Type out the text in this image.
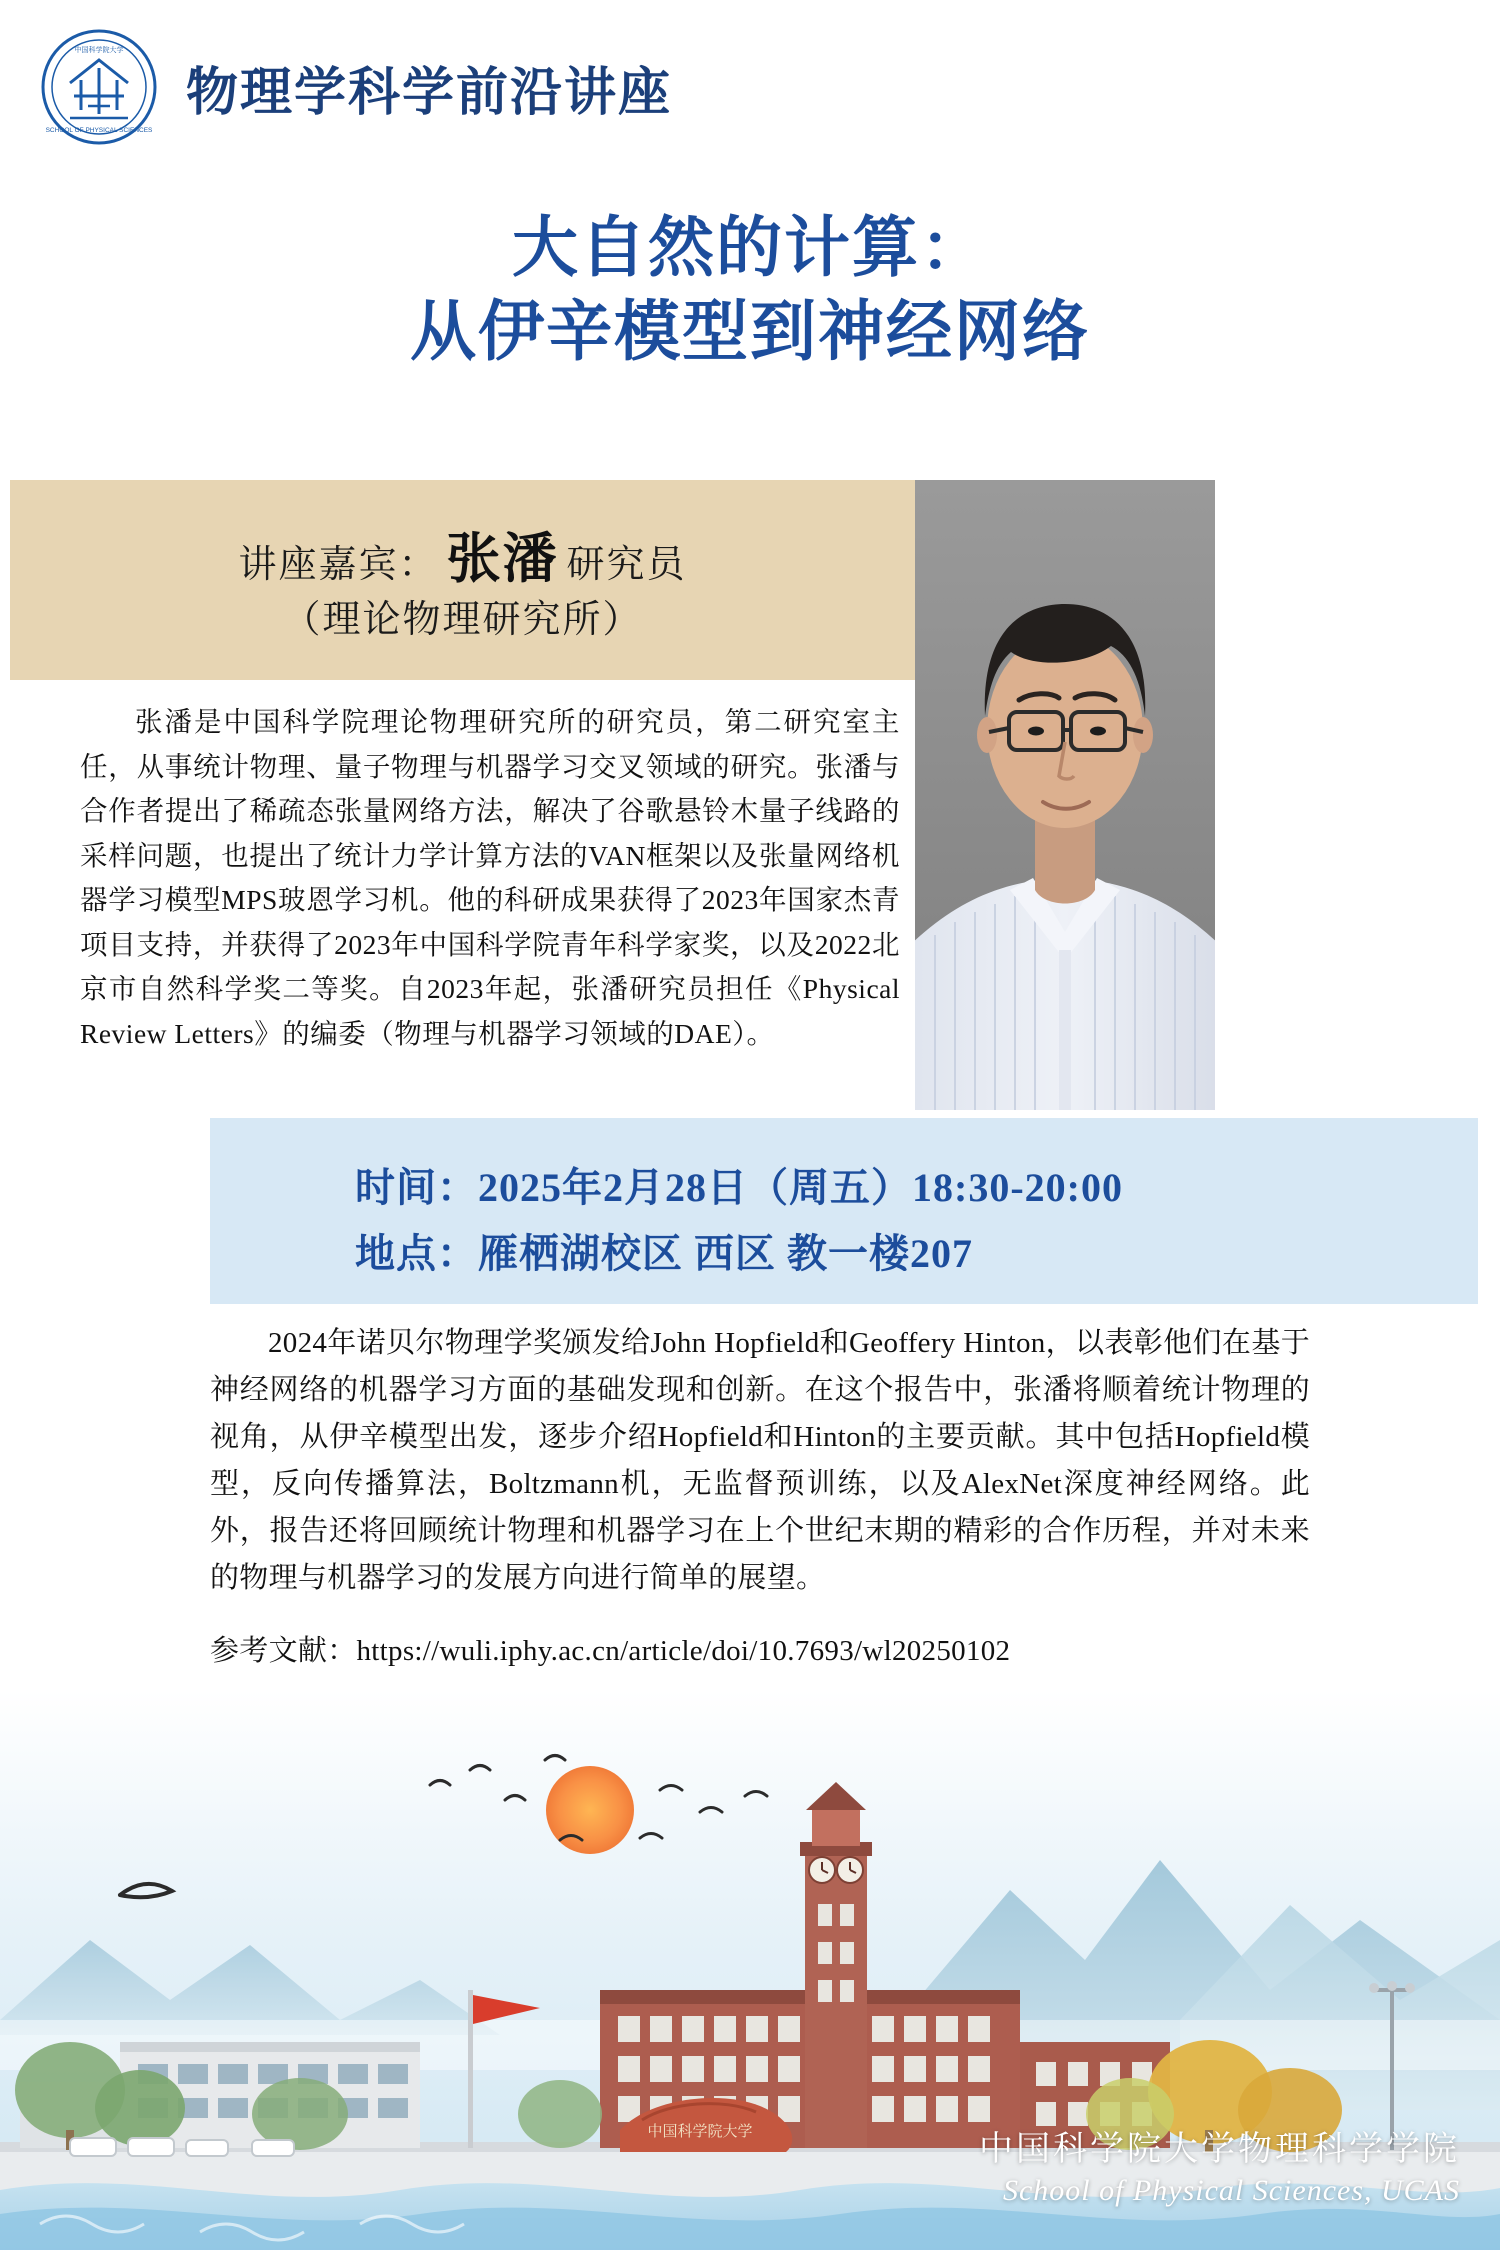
中国科学院大学
SCHOOL OF PHYSICAL SCIENCES
物理学科学前沿讲座
大自然的计算：
从伊辛模型到神经网络
讲座嘉宾： 张潘 研究员
（理论物理研究所）
张潘是中国科学院理论物理研究所的研究员，第二研究室主任，从事统计物理、量子物理与机器学习交叉领域的研究。张潘与合作者提出了稀疏态张量网络方法，解决了谷歌悬铃木量子线路的采样问题，也提出了统计力学计算方法的VAN框架以及张量网络机器学习模型MPS玻恩学习机。他的科研成果获得了2023年国家杰青项目支持，并获得了2023年中国科学院青年科学家奖，以及2022北京市自然科学奖二等奖。自2023年起，张潘研究员担任《Physical Review Letters》的编委（物理与机器学习领域的DAE）。
时间：2025年2月28日（周五）18:30-20:00
地点：雁栖湖校区 西区 教一楼207
2024年诺贝尔物理学奖颁发给John Hopfield和Geoffery Hinton，以表彰他们在基于神经网络的机器学习方面的基础发现和创新。在这个报告中，张潘将顺着统计物理的视角，从伊辛模型出发，逐步介绍Hopfield和Hinton的主要贡献。其中包括Hopfield模型，反向传播算法，Boltzmann机，无监督预训练，以及AlexNet深度神经网络。此外，报告还将回顾统计物理和机器学习在上个世纪末期的精彩的合作历程，并对未来的物理与机器学习的发展方向进行简单的展望。
参考文献：https://wuli.iphy.ac.cn/article/doi/10.7693/wl20250102
中国科学院大学	中国科学院大学物理科学学院
School of Physical Sciences, UCAS
